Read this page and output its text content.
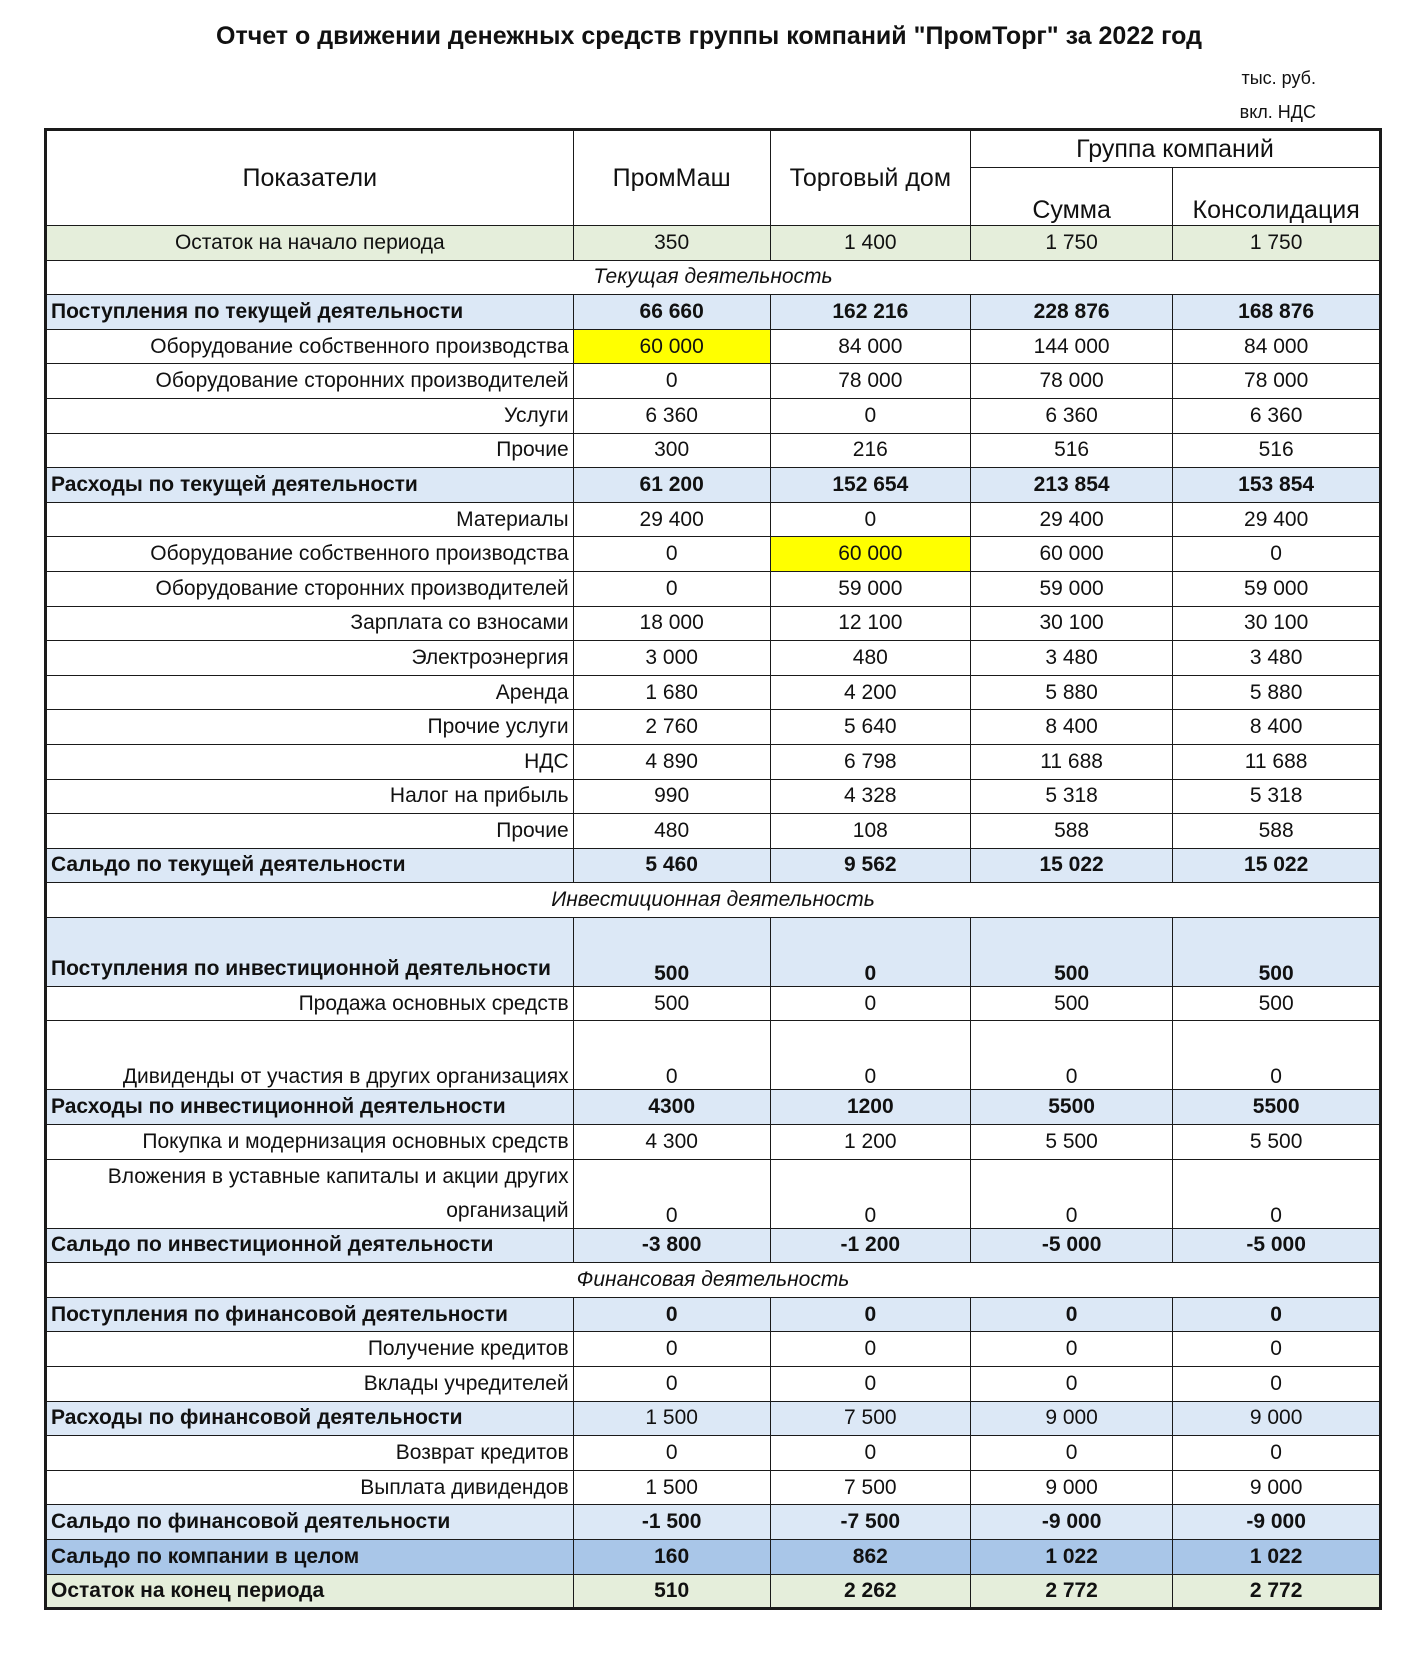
Отчет о движении денежных средств группы компаний "ПромТорг" за 2022 год
тыс. руб.
вкл. НДС
Показатели	ПромМаш	Торговый дом	Группа компаний	
			Сумма	Консолидация
Остаток на начало периода	350	1 400	1 750	1 750
Текущая деятельность				
Поступления по текущей деятельности	66 660	162 216	228 876	168 876
Оборудование собственного производства	60 000	84 000	144 000	84 000
Оборудование сторонних производителей	0	78 000	78 000	78 000
Услуги	6 360	0	6 360	6 360
Прочие	300	216	516	516
Расходы по текущей деятельности	61 200	152 654	213 854	153 854
Материалы	29 400	0	29 400	29 400
Оборудование собственного производства	0	60 000	60 000	0
Оборудование сторонних производителей	0	59 000	59 000	59 000
Зарплата со взносами	18 000	12 100	30 100	30 100
Электроэнергия	3 000	480	3 480	3 480
Аренда	1 680	4 200	5 880	5 880
Прочие услуги	2 760	5 640	8 400	8 400
НДС	4 890	6 798	11 688	11 688
Налог на прибыль	990	4 328	5 318	5 318
Прочие	480	108	588	588
Сальдо по текущей деятельности	5 460	9 562	15 022	15 022
Инвестиционная деятельность				
Поступления по инвестиционной деятельности	500	0	500	500
Продажа основных средств	500	0	500	500
Дивиденды от участия в других организациях	0	0	0	0
Расходы по инвестиционной деятельности	4300	1200	5500	5500
Покупка и модернизация основных средств	4 300	1 200	5 500	5 500
Вложения в уставные капиталы и акции других организаций	0	0	0	0
Сальдо по инвестиционной деятельности	-3 800	-1 200	-5 000	-5 000
Финансовая деятельность				
Поступления по финансовой деятельности	0	0	0	0
Получение кредитов	0	0	0	0
Вклады учредителей	0	0	0	0
Расходы по финансовой деятельности	1 500	7 500	9 000	9 000
Возврат кредитов	0	0	0	0
Выплата дивидендов	1 500	7 500	9 000	9 000
Сальдо по финансовой деятельности	-1 500	-7 500	-9 000	-9 000
Сальдо по компании в целом	160	862	1 022	1 022
Остаток на конец периода	510	2 262	2 772	2 772
